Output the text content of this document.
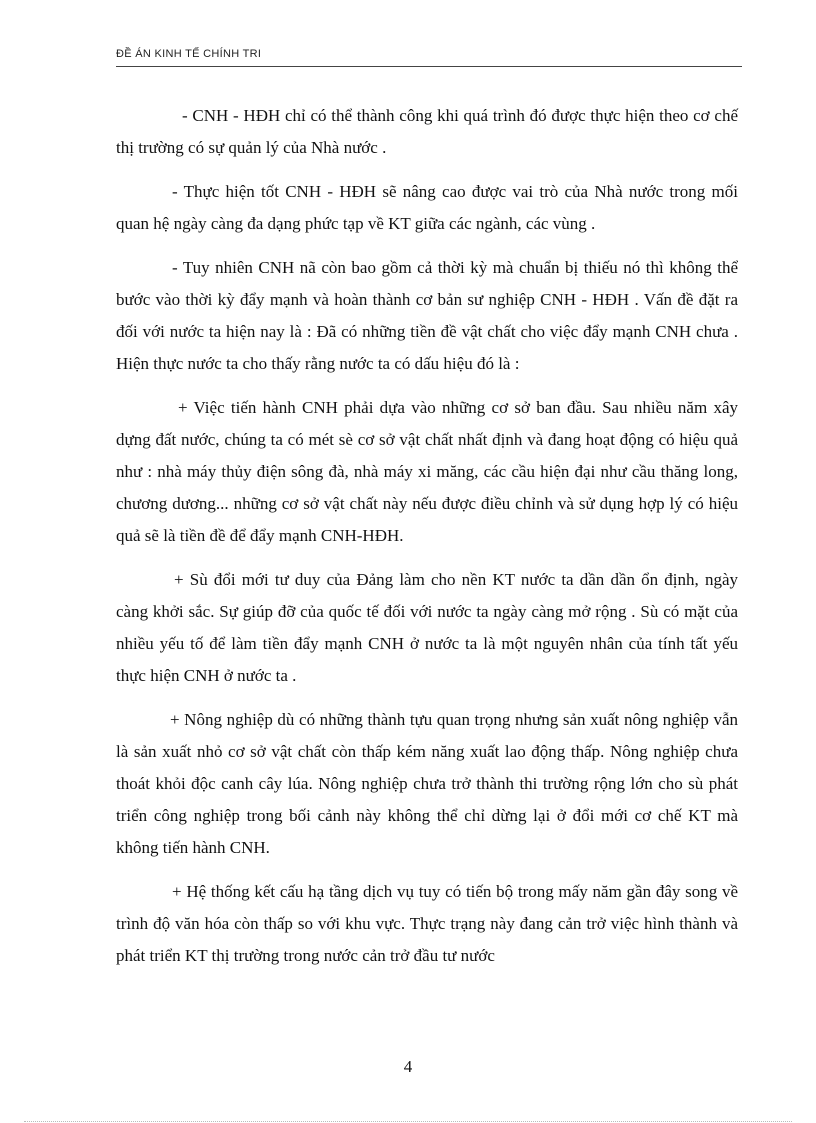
ĐỀ ÁN KINH TẾ CHÍNH TRI

- CNH - HĐH chỉ có thể thành công khi quá trình đó được thực hiện theo cơ chế thị trường có sự quản lý của Nhà nước .

- Thực hiện tốt CNH - HĐH sẽ nâng cao được vai trò của Nhà nước trong mối quan hệ ngày càng đa dạng phức tạp về KT giữa các ngành, các vùng .

- Tuy nhiên CNH nã còn bao gồm cả thời kỳ mà chuẩn bị thiếu nó thì không thể bước vào thời kỳ đẩy mạnh và hoàn thành cơ bản sư nghiệp CNH - HĐH . Vấn đề đặt ra đối với nước ta hiện nay là : Đã có những tiền đề vật chất cho việc đẩy mạnh CNH chưa . Hiện thực nước ta cho thấy rằng nước ta có dấu hiệu đó là :

+ Việc tiến hành CNH phải dựa vào những cơ sở ban đầu. Sau nhiều năm xây dựng đất nước, chúng ta có mét sè cơ sở vật chất nhất định và đang hoạt động có hiệu quả như : nhà máy thủy điện sông đà, nhà máy xi măng, các cầu hiện đại như cầu thăng long, chương dương... những cơ sở vật chất này nếu được điều chỉnh và sử dụng hợp lý có hiệu quả sẽ là tiền đề để đẩy mạnh CNH-HĐH.

+ Sù đổi mới tư duy của Đảng làm cho nền KT nước ta dần dần ổn định, ngày càng khởi sắc. Sự giúp đỡ của quốc tế đối với nước ta ngày càng mở rộng . Sù có mặt của nhiều yếu tố để làm tiền đẩy mạnh CNH ở nước ta là một nguyên nhân của tính tất yếu thực hiện CNH ở nước ta .

+ Nông nghiệp dù có những thành tựu quan trọng nhưng sản xuất nông nghiệp vẫn là sản xuất nhỏ cơ sở vật chất còn thấp kém năng xuất lao động thấp. Nông nghiệp chưa thoát khỏi độc canh cây lúa. Nông nghiệp chưa trở thành thi trường rộng lớn cho sù phát triển công nghiệp trong bối cảnh này không thể chỉ dừng lại ở đổi mới cơ chế KT mà không tiến hành CNH.

+ Hệ thống kết cấu hạ tầng dịch vụ tuy có tiến bộ trong mấy năm gần đây song về trình độ văn hóa còn thấp so với khu vực. Thực trạng này đang cản trở việc hình thành và phát triển KT thị trường trong nước cản trở đầu tư nước

4
